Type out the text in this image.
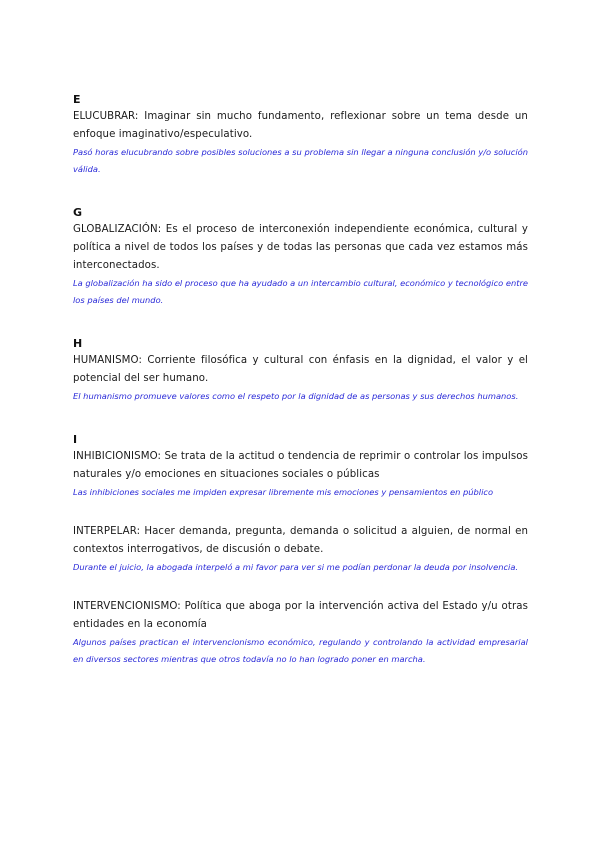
E

ELUCUBRAR: Imaginar sin mucho fundamento, reflexionar sobre un tema desde un enfoque imaginativo/especulativo.

Pasó horas elucubrando sobre posibles soluciones a su problema sin llegar a ninguna conclusión y/o solución válida.

G

GLOBALIZACIÓN: Es el proceso de interconexión independiente económica, cultural y política a nivel de todos los países y de todas las personas que cada vez estamos más interconectados.

La globalización ha sido el proceso que ha ayudado a un intercambio cultural, económico y tecnológico entre los países del mundo.

H

HUMANISMO: Corriente filosófica y cultural con énfasis en la dignidad, el valor y el potencial del ser humano.

El humanismo promueve valores como el respeto por la dignidad de as personas y sus derechos humanos.

I

INHIBICIONISMO: Se trata de la actitud o tendencia de reprimir o controlar los impulsos naturales y/o emociones en situaciones sociales o públicas

Las inhibiciones sociales me impiden expresar libremente mis emociones y pensamientos en público

INTERPELAR: Hacer demanda, pregunta, demanda o solicitud a alguien, de normal en contextos interrogativos, de discusión o debate.

Durante el juicio, la abogada interpeló a mi favor para ver si me podían perdonar la deuda por insolvencia.

INTERVENCIONISMO: Política que aboga por la intervención activa del Estado y/u otras entidades en la economía

Algunos países practican el intervencionismo económico, regulando y controlando la actividad empresarial en diversos sectores mientras que otros todavía no lo han logrado poner en marcha.
